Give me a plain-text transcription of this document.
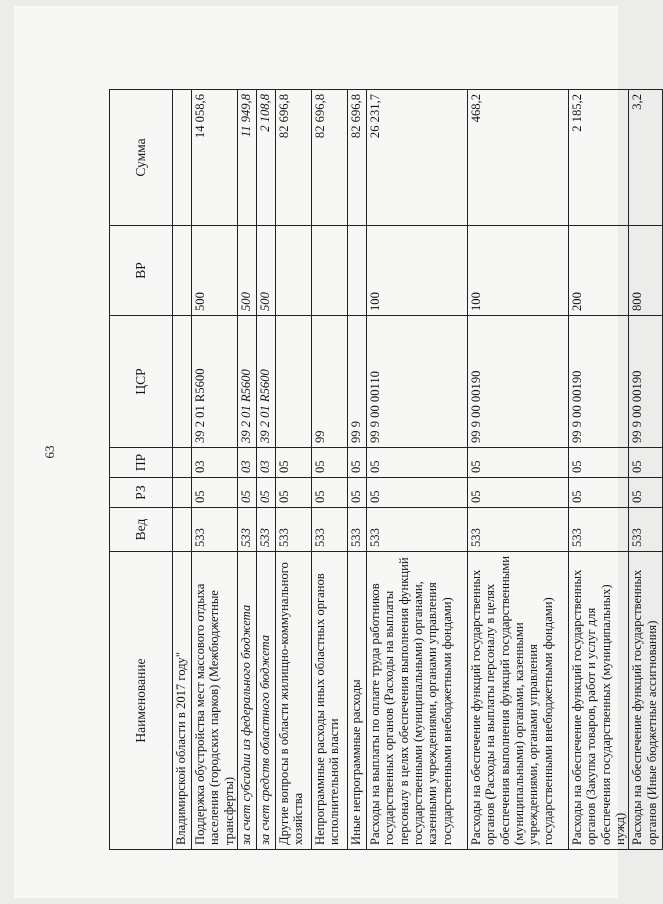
63
Наименование	Вед	РЗ	ПР	ЦСР	ВР	Сумма
Владимирской области в 2017 году"						
Поддержка обустройства мест массового отдыха населения (городских парков) (Межбюджетные трансферты)	533	05	03	39 2 01 R5600	500	14 058,6
за счет субсидии из федерального бюджета	533	05	03	39 2 01 R5600	500	11 949,8
за счет средств областного бюджета	533	05	03	39 2 01 R5600	500	2 108,8
Другие вопросы в области жилищно-коммунального хозяйства	533	05	05			82 696,8
Непрограммные расходы иных областных органов исполнительной власти	533	05	05	99		82 696,8
Иные непрограммные расходы	533	05	05	99 9		82 696,8
Расходы на выплаты по оплате труда работников государственных органов (Расходы на выплаты персоналу в целях обеспечения выполнения функций государственными (муниципальными) органами, казенными учреждениями, органами управления государственными внебюджетными фондами)	533	05	05	99 9 00 00110	100	26 231,7
Расходы на обеспечение функций государственных органов (Расходы на выплаты персоналу в целях обеспечения выполнения функций государственными (муниципальными) органами, казенными учреждениями, органами управления государственными внебюджетными фондами)	533	05	05	99 9 00 00190	100	468,2
Расходы на обеспечение функций государственных органов (Закупка товаров, работ и услуг для обеспечения государственных (муниципальных) нужд)	533	05	05	99 9 00 00190	200	2 185,2
Расходы на обеспечение функций государственных органов (Иные бюджетные ассигнования)	533	05	05	99 9 00 00190	800	3,2
